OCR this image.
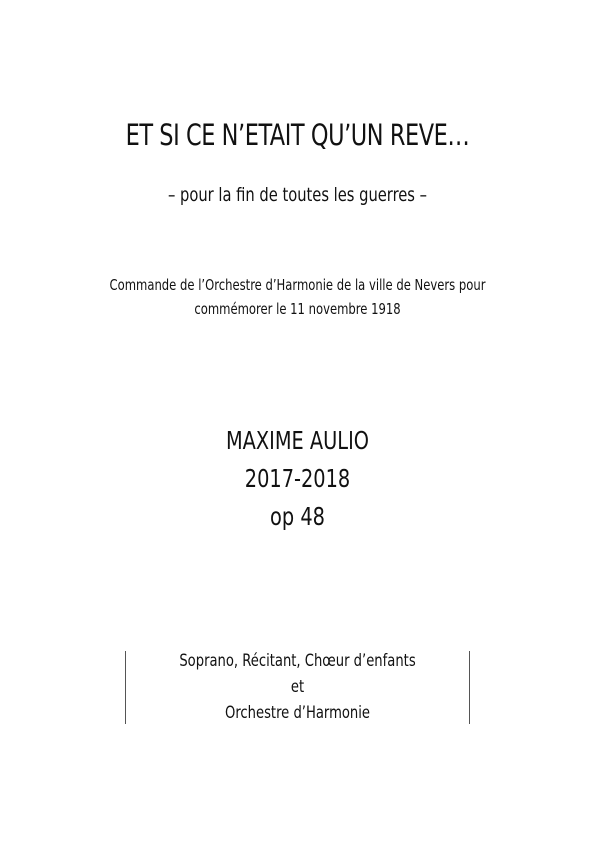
ET SI CE N’ETAIT QU’UN REVE…
– pour la fin de toutes les guerres –
Commande de l’Orchestre d’Harmonie de la ville de Nevers pour
commémorer le 11 novembre 1918
MAXIME AULIO
2017-2018
op 48
Soprano, Récitant, Chœur d’enfants
et
Orchestre d’Harmonie
